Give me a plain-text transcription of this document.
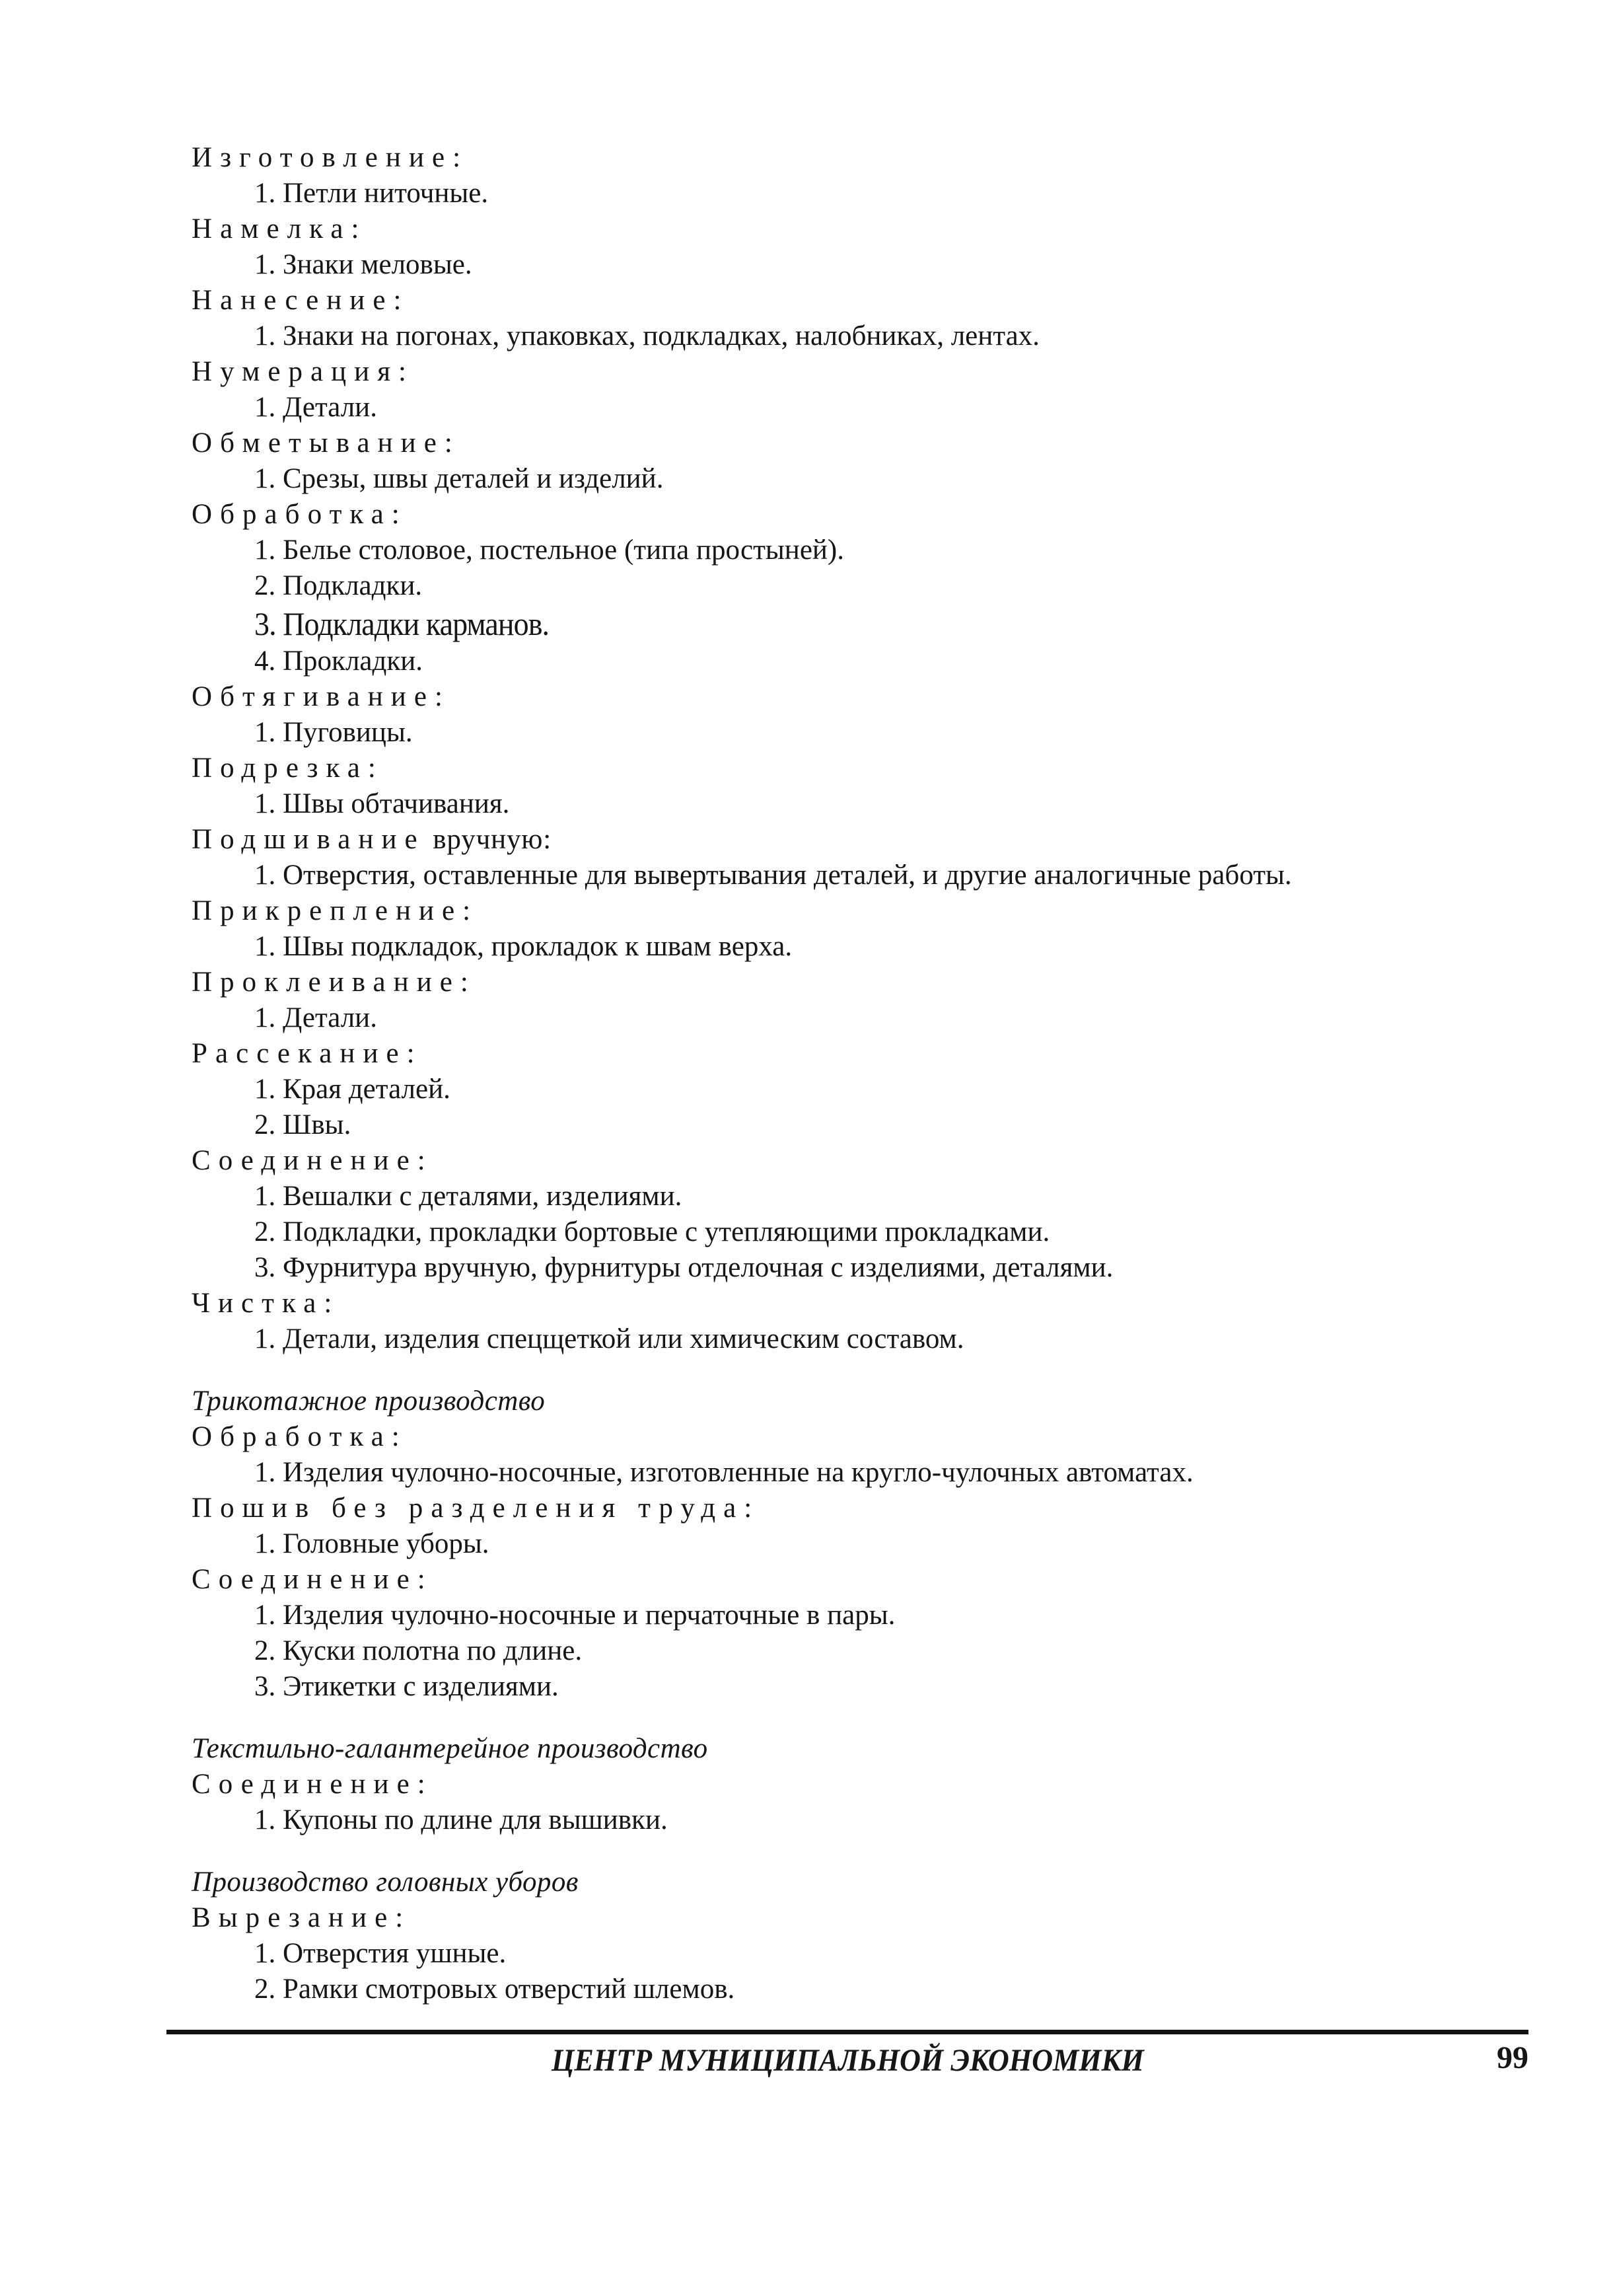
Изготовление:
1. Петли ниточные.
Намелка:
1. Знаки меловые.
Нанесение:
1. Знаки на погонах, упаковках, подкладках, налобниках, лентах.
Нумерация:
1. Детали.
Обметывание:
1. Срезы, швы деталей и изделий.
Обработка:
1. Белье столовое, постельное (типа простыней).
2. Подкладки.
3. Подкладки карманов.
4. Прокладки.
Обтягивание:
1. Пуговицы.
Подрезка:
1. Швы обтачивания.
Подшивание вручную:
1. Отверстия, оставленные для вывертывания деталей, и другие аналогичные работы.
Прикрепление:
1. Швы подкладок, прокладок к швам верха.
Проклеивание:
1. Детали.
Рассекание:
1. Края деталей.
2. Швы.
Соединение:
1. Вешалки с деталями, изделиями.
2. Подкладки, прокладки бортовые с утепляющими прокладками.
3. Фурнитура вручную, фурнитуры отделочная с изделиями, деталями.
Чистка:
1. Детали, изделия спецщеткой или химическим составом.
Трикотажное производство
Обработка:
1. Изделия чулочно-носочные, изготовленные на кругло-чулочных автоматах.
Пошив без разделения труда:
1. Головные уборы.
Соединение:
1. Изделия чулочно-носочные и перчаточные в пары.
2. Куски полотна по длине.
3. Этикетки с изделиями.
Текстильно-галантерейное производство
Соединение:
1. Купоны по длине для вышивки.
Производство головных уборов
Вырезание:
1. Отверстия ушные.
2. Рамки смотровых отверстий шлемов.
ЦЕНТР МУНИЦИПАЛЬНОЙ ЭКОНОМИКИ	99
